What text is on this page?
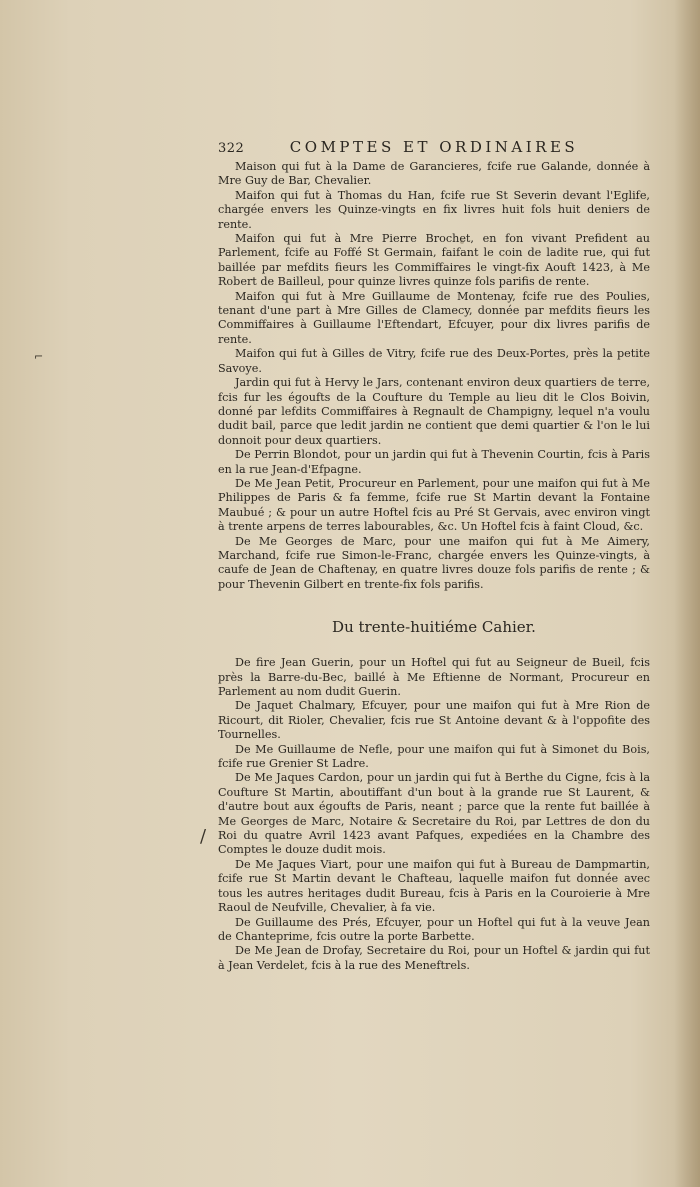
⌐
/
322	COMPTES ET ORDINAIRES

Maison qui fut à la Dame de Garancieres, fcife rue Galande, donnée à Mre Guy de Bar, Chevalier.

Maifon qui fut à Thomas du Han, fcife rue St Severin devant l'Eglife, chargée envers les Quinze-vingts en fix livres huit fols huit deniers de rente.

Maifon qui fut à Mre Pierre Brochet, en fon vivant Prefident au Parlement, fcife au Foffé St Germain, faifant le coin de ladite rue, qui fut baillée par mefdits fieurs les Commiffaires le vingt-fix Aouft 1423, à Me Robert de Bailleul, pour quinze livres quinze fols parifis de rente.

Maifon qui fut à Mre Guillaume de Montenay, fcife rue des Poulies, tenant d'une part à Mre Gilles de Clamecy, donnée par mefdits fieurs les Commiffaires à Guillaume l'Eftendart, Efcuyer, pour dix livres parifis de rente.

Maifon qui fut à Gilles de Vitry, fcife rue des Deux-Portes, près la petite Savoye.

Jardin qui fut à Hervy le Jars, contenant environ deux quartiers de terre, fcis fur les égoufts de la Coufture du Temple au lieu dit le Clos Boivin, donné par lefdits Commiffaires à Regnault de Champigny, lequel n'a voulu dudit bail, parce que ledit jardin ne contient que demi quartier & l'on le lui donnoit pour deux quartiers.

De Perrin Blondot, pour un jardin qui fut à Thevenin Courtin, fcis à Paris en la rue Jean-d'Efpagne.

De Me Jean Petit, Procureur en Parlement, pour une maifon qui fut à Me Philippes de Paris & fa femme, fcife rue St Martin devant la Fontaine Maubué ; & pour un autre Hoftel fcis au Pré St Gervais, avec environ vingt à trente arpens de terres labourables, &c. Un Hoftel fcis à faint Cloud, &c.

De Me Georges de Marc, pour une maifon qui fut à Me Aimery, Marchand, fcife rue Simon-le-Franc, chargée envers les Quinze-vingts, à caufe de Jean de Chaftenay, en quatre livres douze fols parifis de rente ; & pour Thevenin Gilbert en trente-fix fols parifis.

Du trente-huitiéme Cahier.

De fire Jean Guerin, pour un Hoftel qui fut au Seigneur de Bueil, fcis près la Barre-du-Bec, baillé à Me Eftienne de Normant, Procureur en Parlement au nom dudit Guerin.

De Jaquet Chalmary, Efcuyer, pour une maifon qui fut à Mre Rion de Ricourt, dit Rioler, Chevalier, fcis rue St Antoine devant & à l'oppofite des Tournelles.

De Me Guillaume de Nefle, pour une maifon qui fut à Simonet du Bois, fcife rue Grenier St Ladre.

De Me Jaques Cardon, pour un jardin qui fut à Berthe du Cigne, fcis à la Coufture St Martin, aboutiffant d'un bout à la grande rue St Laurent, & d'autre bout aux égoufts de Paris, neant ; parce que la rente fut baillée à Me Georges de Marc, Notaire & Secretaire du Roi, par Lettres de don du Roi du quatre Avril 1423 avant Pafques, expediées en la Chambre des Comptes le douze dudit mois.

De Me Jaques Viart, pour une maifon qui fut à Bureau de Dampmartin, fcife rue St Martin devant le Chafteau, laquelle maifon fut donnée avec tous les autres heritages dudit Bureau, fcis à Paris en la Couroierie à Mre Raoul de Neufville, Chevalier, à fa vie.

De Guillaume des Prés, Efcuyer, pour un Hoftel qui fut à la veuve Jean de Chanteprime, fcis outre la porte Barbette.

De Me Jean de Drofay, Secretaire du Roi, pour un Hoftel & jardin qui fut à Jean Verdelet, fcis à la rue des Meneftrels.
